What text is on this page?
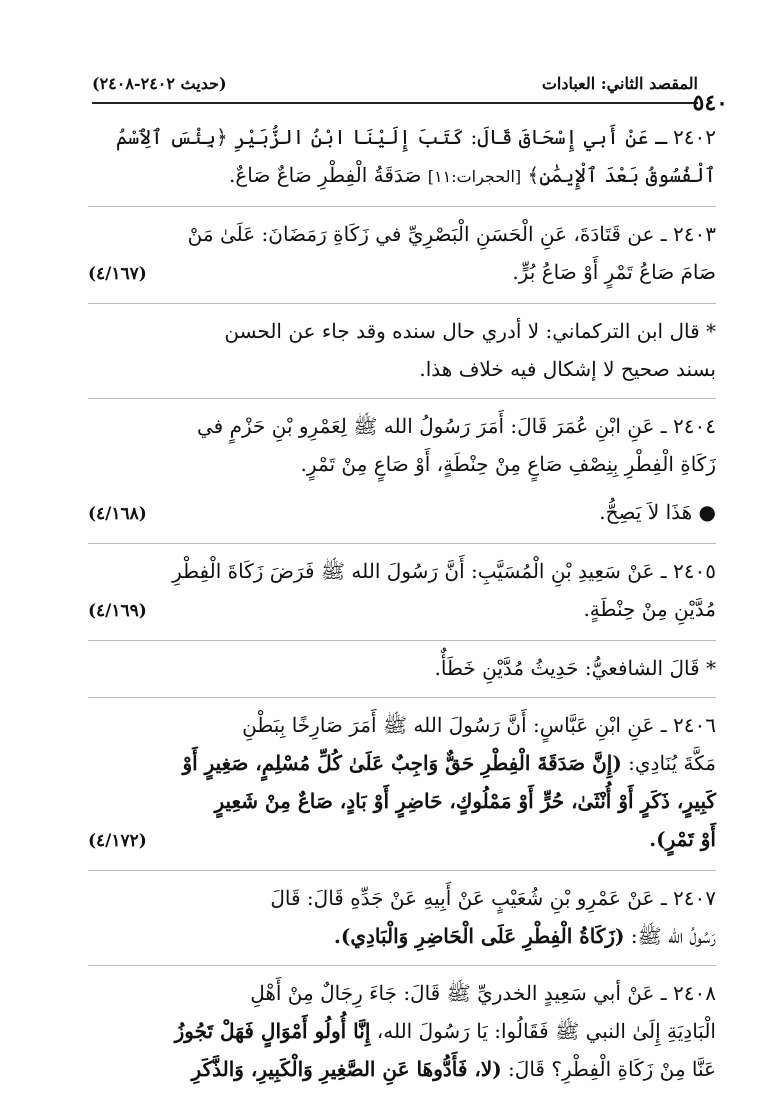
المقصد الثاني: العبادات
(حديث ٢٤٠٢-٢٤٠٨)
٥٤٠
٢٤٠٢ ـ عَنْ أَبي إِسْحَاقَ قَالَ: كَتَبَ إِلَيْنَا ابْنُ الزُّبَيْرِ ﴿بِئْسَ ٱلِٱسْمُ
ٱلْفُسُوقُ بَعْدَ ٱلْإِيمَٰنِ﴾ [الحجرات:١١] صَدَقَةُ الْفِطْرِ صَاعٌ صَاعٌ.
٢٤٠٣ ـ عن قَتَادَةَ، عَنِ الْحَسَنِ الْبَصْرِيِّ في زَكَاةِ رَمَضَانَ: عَلَىٰ مَنْ
صَامَ صَاعُ تَمْرٍ أَوْ صَاعُ بُرٍّ.
(٤/١٦٧)
* قال ابن التركماني: لا أدري حال سنده وقد جاء عن الحسن
بسند صحيح لا إشكال فيه خلاف هذا.
٢٤٠٤ ـ عَنِ ابْنِ عُمَرَ قَالَ: أَمَرَ رَسُولُ الله ﷺ لِعَمْرِو بْنِ حَزْمٍ في
زَكَاةِ الْفِطْرِ بِنِصْفِ صَاعٍ مِنْ حِنْطَةٍ، أَوْ صَاعٍ مِنْ تَمْرٍ.
● هَذَا لاَ يَصِحُّ.
(٤/١٦٨)
٢٤٠٥ ـ عَنْ سَعِيدِ بْنِ الْمُسَيَّبِ: أَنَّ رَسُولَ الله ﷺ فَرَضَ زَكَاةَ الْفِطْرِ
مُدَّيْنِ مِنْ حِنْطَةٍ.
(٤/١٦٩)
* قَالَ الشافعيُّ: حَدِيثُ مُدَّيْنِ خَطَأٌ.
٢٤٠٦ ـ عَنِ ابْنِ عَبَّاسٍ: أَنَّ رَسُولَ الله ﷺ أَمَرَ صَارِخًا بِبَطْنِ
مَكَّةَ يُنَادِي: (إِنَّ صَدَقَةَ الْفِطْرِ حَقٌّ وَاجِبٌ عَلَىٰ كُلِّ مُسْلِمٍ، صَغِيرٍ أَوْ
كَبِيرٍ، ذَكَرٍ أَوْ أُنْثَىٰ، حُرٍّ أَوْ مَمْلُوكٍ، حَاضِرٍ أَوْ بَادٍ، صَاعٌ مِنْ شَعِيرٍ
أَوْ تَمْرٍ).
(٤/١٧٢)
٢٤٠٧ ـ عَنْ عَمْرِو بْنِ شُعَيْبٍ عَنْ أَبِيهِ عَنْ جَدِّهِ قَالَ: قَالَ
رَسُولُ الله ﷺ: (زَكَاةُ الْفِطْرِ عَلَى الْحَاضِرِ وَالْبَادِي).
٢٤٠٨ ـ عَنْ أبي سَعِيدٍ الخدريِّ ﷺ قَالَ: جَاءَ رِجَالٌ مِنْ أَهْلِ
الْبَادِيَةِ إِلَىٰ النبي ﷺ فَقَالُوا: يَا رَسُولَ الله، إِنَّا أُولُو أَمْوَالٍ فَهَلْ تَجُوزُ
عَنَّا مِنْ زَكَاةِ الْفِطْرِ؟ قَالَ: (لا، فَأَدُّوهَا عَنِ الصَّغِيرِ وَالْكَبِيرِ، وَالذَّكَرِ
